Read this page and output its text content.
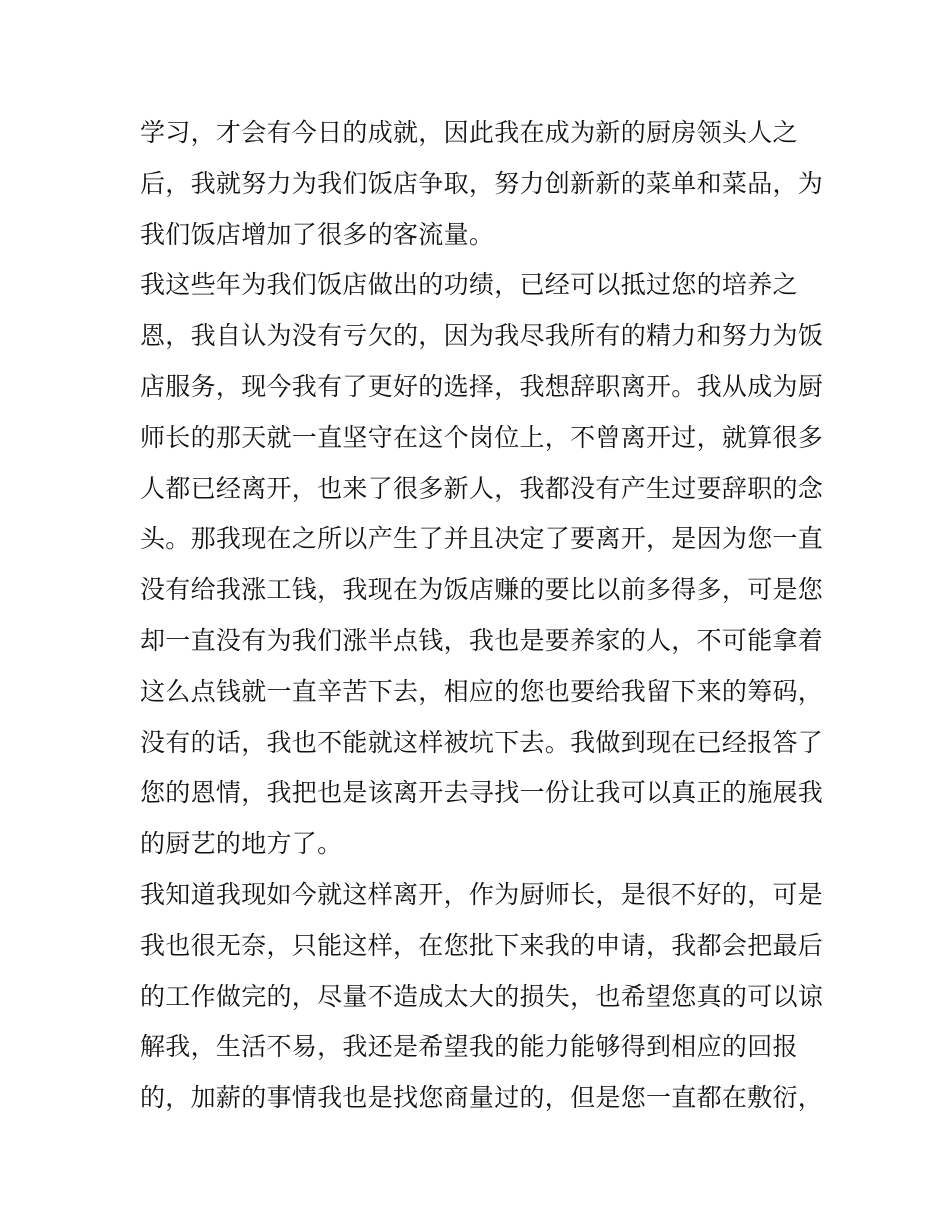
学习，才会有今日的成就，因此我在成为新的厨房领头人之
后，我就努力为我们饭店争取，努力创新新的菜单和菜品，为
我们饭店增加了很多的客流量。
我这些年为我们饭店做出的功绩，已经可以抵过您的培养之
恩，我自认为没有亏欠的，因为我尽我所有的精力和努力为饭
店服务，现今我有了更好的选择，我想辞职离开。我从成为厨
师长的那天就一直坚守在这个岗位上，不曾离开过，就算很多
人都已经离开，也来了很多新人，我都没有产生过要辞职的念
头。那我现在之所以产生了并且决定了要离开，是因为您一直
没有给我涨工钱，我现在为饭店赚的要比以前多得多，可是您
却一直没有为我们涨半点钱，我也是要养家的人，不可能拿着
这么点钱就一直辛苦下去，相应的您也要给我留下来的筹码，
没有的话，我也不能就这样被坑下去。我做到现在已经报答了
您的恩情，我把也是该离开去寻找一份让我可以真正的施展我
的厨艺的地方了。
我知道我现如今就这样离开，作为厨师长，是很不好的，可是
我也很无奈，只能这样，在您批下来我的申请，我都会把最后
的工作做完的，尽量不造成太大的损失，也希望您真的可以谅
解我，生活不易，我还是希望我的能力能够得到相应的回报
的，加薪的事情我也是找您商量过的，但是您一直都在敷衍，
